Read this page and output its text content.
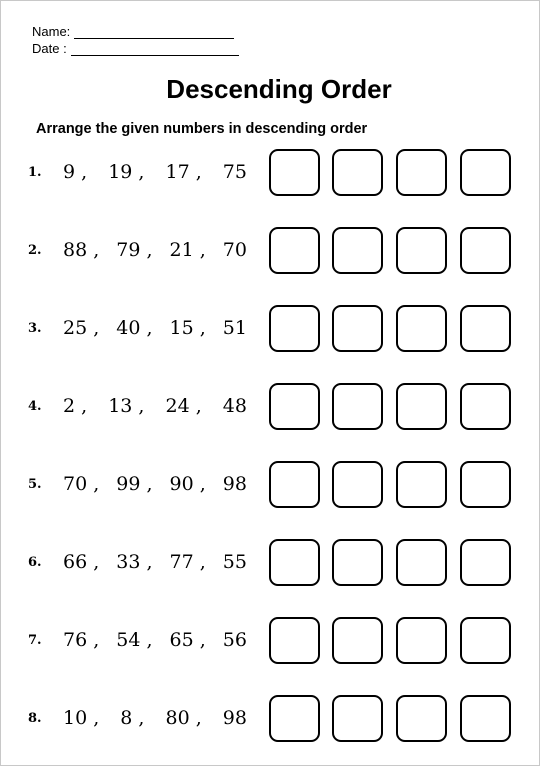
Name:
Date :
Descending Order
Arrange the given numbers in descending order
1. 9 , 19 , 17 , 75
2. 88 , 79 , 21 , 70
3. 25 , 40 , 15 , 51
4. 2 , 13 , 24 , 48
5. 70 , 99 , 90 , 98
6. 66 , 33 , 77 , 55
7. 76 , 54 , 65 , 56
8. 10 , 8 , 80 , 98
